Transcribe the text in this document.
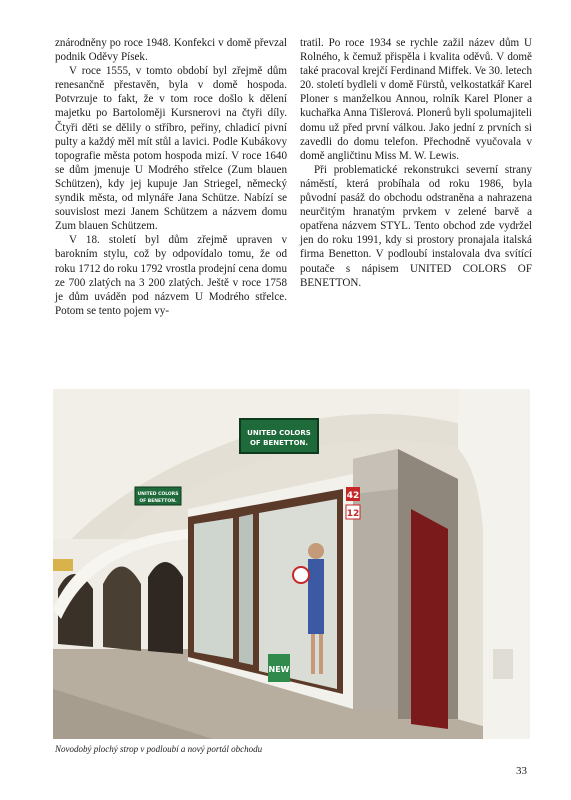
znárodněny po roce 1948. Konfekci v domě převzal podnik Oděvy Písek.

V roce 1555, v tomto období byl zřejmě dům renesančně přestavěn, byla v domě hospoda. Potvrzuje to fakt, že v tom roce došlo k dělení majetku po Bartoloměji Kursnerovi na čtyři díly. Čtyři děti se dělily o stříbro, peřiny, chladicí pivní pulty a každý měl mít stůl a lavici. Podle Kubákovy topografie města potom hospoda mizí. V roce 1640 se dům jmenuje U Modrého střelce (Zum blauen Schützen), kdy jej kupuje Jan Striegel, německý syndik města, od mlynáře Jana Schütze. Nabízí se souvislost mezi Janem Schützem a názvem domu Zum blauen Schützem.

V 18. století byl dům zřejmě upraven v barokním stylu, což by odpovídalo tomu, že od roku 1712 do roku 1792 vrostla prodejní cena domu ze 700 zlatých na 3 200 zlatých. Ještě v roce 1758 je dům uváděn pod názvem U Modrého střelce. Potom se tento pojem vy-

tratil. Po roce 1934 se rychle zažil název dům U Rolného, k čemuž přispěla i kvalita oděvů. V domě také pracoval krejčí Ferdinand Miffek. Ve 30. letech 20. století bydleli v domě Fürstů, velkostatkář Karel Ploner s manželkou Annou, rolník Karel Ploner a kuchařka Anna Tišlerová. Plonerů byli spolumajiteli domu už před první válkou. Jako jední z prvních si zavedli do domu telefon. Přechodně vyučovala v domě angličtinu Miss M. W. Lewis.

Při problematické rekonstrukci severní strany náměstí, která probíhala od roku 1986, byla původní pasáž do obchodu odstraněna a nahrazena neurčitým hranatým prvkem v zelené barvě a opatřena názvem STYL. Tento obchod zde vydržel jen do roku 1991, kdy si prostory pronajala italská firma Benetton. V podloubí instalovala dva svítící poutače s nápisem UNITED COLORS OF BENETTON.

NEW
42
12
UNITED COLORS
OF BENETTON.
UNITED COLORS
OF BENETTON.
Novodobý plochý strop v podloubí a nový portál obchodu
33
